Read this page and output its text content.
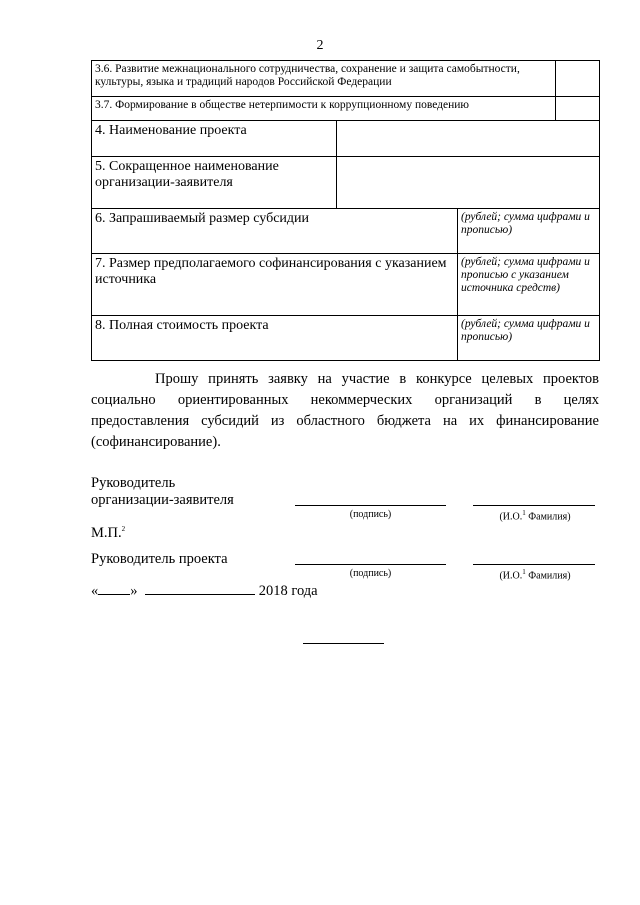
2
3.6. Развитие межнационального сотрудничества, сохранение и защита самобытности, культуры, языка и традиций народов Российской Федерации			
3.7. Формирование в обществе нетерпимости к коррупционному поведению			
4. Наименование проекта			
5. Сокращенное наименование организации-заявителя			
6. Запрашиваемый размер субсидии		(рублей; сумма цифрами и прописью)	
7. Размер предполагаемого софинансирования с указанием источника		(рублей; сумма цифрами и прописью с указанием источника средств)	
8. Полная стоимость проекта		(рублей; сумма цифрами и прописью)	
Прошу принять заявку на участие в конкурсе целевых проектов социально ориентированных некоммерческих организаций в целях предоставления субсидий из областного бюджета на их финансирование (софинансирование).
Руководитель
организации-заявителя
(подпись)	(И.О.$^1$ Фамилия)
М.П.$^2$
Руководитель проекта
(подпись)	(И.О.$^1$ Фамилия)
« »	2018 года
